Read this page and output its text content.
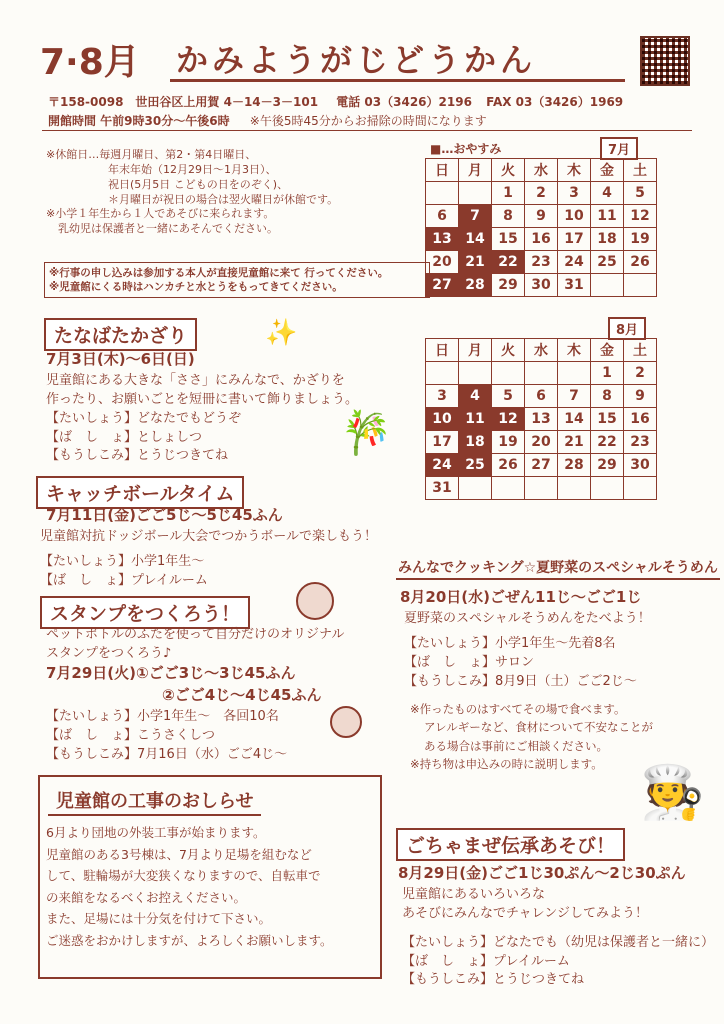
7·8月 かみようがじどうかん
〒158-0098　世田谷区上用賀 4－14－3－101 電話 03（3426）2196 FAX 03（3426）1969
開館時間 午前9時30分～午後6時 ※午後5時45分からお掃除の時間になります
※休館日…毎週月曜日、第2・第4日曜日、
年末年始（12月29日～1月3日）、
祝日(5月5日 こどもの日をのぞく)、
＊月曜日が祝日の場合は翌火曜日が休館です。
※小学１年生から１人であそびに来られます。
乳幼児は保護者と一緒にあそんでください。
※行事の申し込みは参加する本人が直接児童館に来て 行ってください。
※児童館にくる時はハンカチと水とうをもってきてください。
■…おやすみ	7月
日	月	火	水	木	金	土
		1	2	3	4	5
6	7	8	9	10	11	12
13	14	15	16	17	18	19
20	21	22	23	24	25	26
27	28	29	30	31		
8月
日	月	火	水	木	金	土
					1	2
3	4	5	6	7	8	9
10	11	12	13	14	15	16
17	18	19	20	21	22	23
24	25	26	27	28	29	30
31						
たなばたかざり	✨
7月3日(木)～6日(日)
児童館にある大きな「ささ」にみんなで、かざりを
作ったり、お願いごとを短冊に書いて飾りましょう。
【たいしょう】どなたでもどうぞ
【ば　し　ょ】としょしつ
【もうしこみ】とうじつきてね	🎋
キャッチボールタイム
7月11日(金)ごご5じ～5じ45ふん
児童館対抗ドッジボール大会でつかうボールで楽しもう！
【たいしょう】小学1年生～
【ば　し　ょ】プレイルーム
スタンプをつくろう！
ペットボトルのふたを使って自分だけのオリジナル
スタンプをつくろう♪
7月29日(火)①ごご3じ～3じ45ふん
②ごご4じ～4じ45ふん
【たいしょう】小学1年生～　各回10名
【ば　し　ょ】こうさくしつ
【もうしこみ】7月16日（水）ごご4じ～
児童館の工事のおしらせ
6月より団地の外装工事が始まります。
児童館のある3号棟は、7月より足場を組むなど
して、駐輪場が大変狭くなりますので、自転車で
の来館をなるべくお控えください。
また、足場には十分気を付けて下さい。
ご迷惑をおかけしますが、よろしくお願いします。
みんなでクッキング☆夏野菜のスペシャルそうめん
8月20日(水)ごぜん11じ～ごご1じ
夏野菜のスペシャルそうめんをたべよう！
【たいしょう】小学1年生～先着8名
【ば　し　ょ】サロン
【もうしこみ】8月9日（土）ごご2じ～
※作ったものはすべてその場で食べます。
アレルギーなど、食材について不安なことが
ある場合は事前にご相談ください。
※持ち物は申込みの時に説明します。 🧑‍🍳
ごちゃまぜ伝承あそび！
8月29日(金)ごご1じ30ぷん～2じ30ぷん
児童館にあるいろいろな
あそびにみんなでチャレンジしてみよう！
【たいしょう】どなたでも（幼児は保護者と一緒に）
【ば　し　ょ】プレイルーム
【もうしこみ】とうじつきてね
